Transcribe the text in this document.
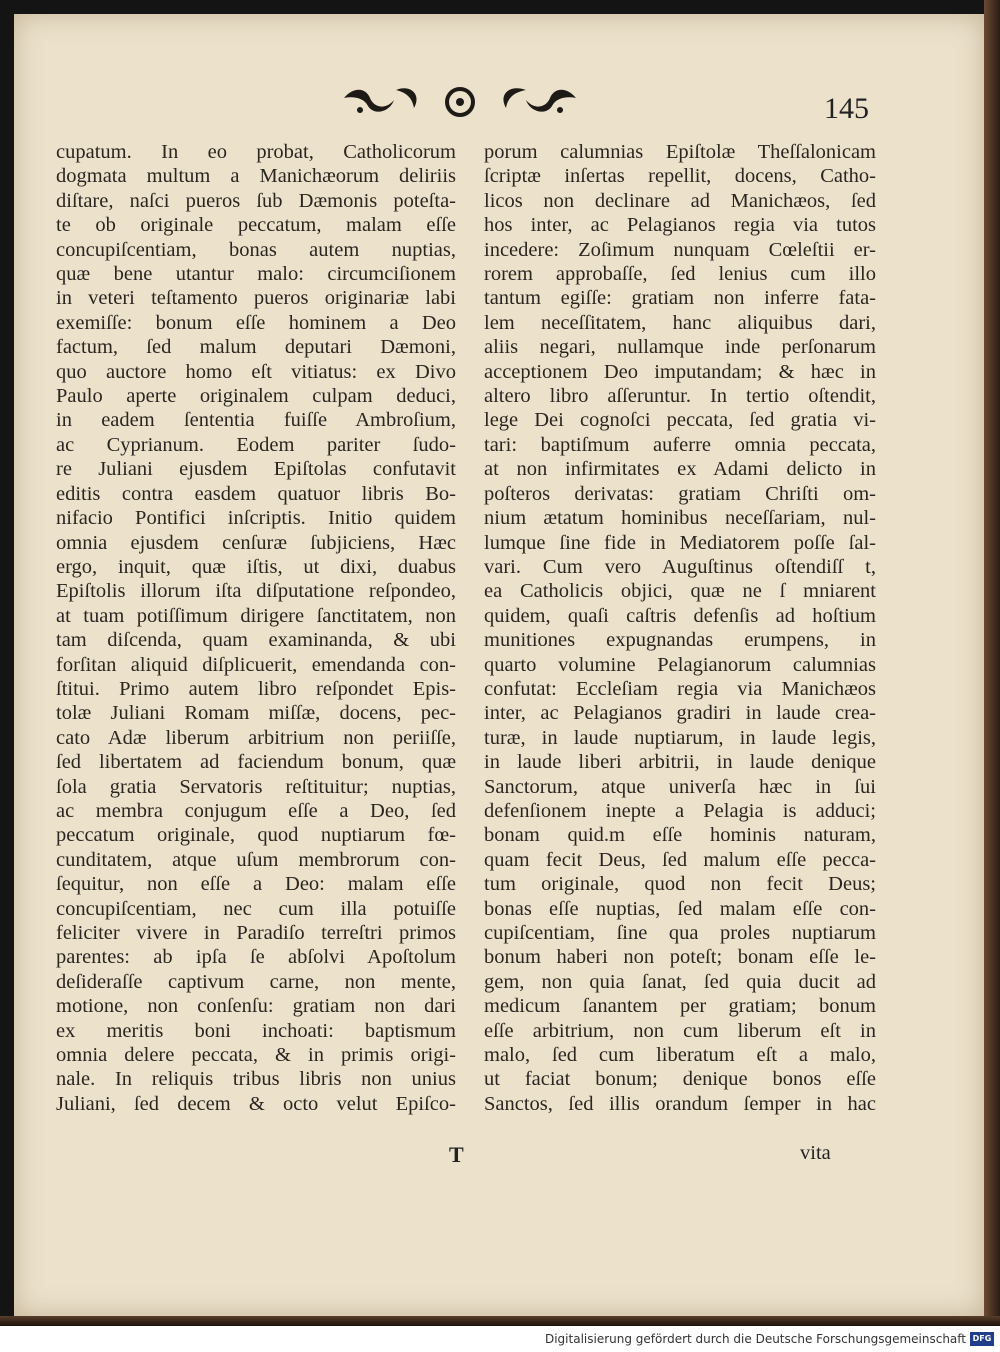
145
cupatum. In eo probat, Catholicorum
dogmata multum a Manichæorum deliriis
diſtare, naſci pueros ſub Dæmonis poteſta-
te ob originale peccatum, malam eſſe
concupiſcentiam, bonas autem nuptias,
quæ bene utantur malo: circumciſionem
in veteri teſtamento pueros originariæ labi
exemiſſe: bonum eſſe hominem a Deo
factum, ſed malum deputari Dæmoni,
quo auctore homo eſt vitiatus: ex Divo
Paulo aperte originalem culpam deduci,
in eadem ſententia fuiſſe Ambroſium,
ac Cyprianum. Eodem pariter ſudo-
re Juliani ejusdem Epiſtolas confutavit
editis contra easdem quatuor libris Bo-
nifacio Pontifici inſcriptis. Initio quidem
omnia ejusdem cenſuræ ſubjiciens, Hæc
ergo, inquit, quæ iſtis, ut dixi, duabus
Epiſtolis illorum iſta diſputatione reſpondeo,
at tuam potiſſimum dirigere ſanctitatem, non
tam diſcenda, quam examinanda, & ubi
forſitan aliquid diſplicuerit, emendanda con-
ſtitui. Primo autem libro reſpondet Epis-
tolæ Juliani Romam miſſæ, docens, pec-
cato Adæ liberum arbitrium non periiſſe,
ſed libertatem ad faciendum bonum, quæ
ſola gratia Servatoris reſtituitur; nuptias,
ac membra conjugum eſſe a Deo, ſed
peccatum originale, quod nuptiarum fœ-
cunditatem, atque uſum membrorum con-
ſequitur, non eſſe a Deo: malam eſſe
concupiſcentiam, nec cum illa potuiſſe
feliciter vivere in Paradiſo terreſtri primos
parentes: ab ipſa ſe abſolvi Apoſtolum
deſideraſſe captivum carne, non mente,
motione, non conſenſu: gratiam non dari
ex meritis boni inchoati: baptismum
omnia delere peccata, & in primis origi-
nale. In reliquis tribus libris non unius
Juliani, ſed decem & octo velut Epiſco-
porum calumnias Epiſtolæ Theſſalonicam
ſcriptæ inſertas repellit, docens, Catho-
licos non declinare ad Manichæos, ſed
hos inter, ac Pelagianos regia via tutos
incedere: Zoſimum nunquam Cœleſtii er-
rorem approbaſſe, ſed lenius cum illo
tantum egiſſe: gratiam non inferre fata-
lem neceſſitatem, hanc aliquibus dari,
aliis negari, nullamque inde perſonarum
acceptionem Deo imputandam; & hæc in
altero libro aſſeruntur. In tertio oſtendit,
lege Dei cognoſci peccata, ſed gratia vi-
tari: baptiſmum auferre omnia peccata,
at non infirmitates ex Adami delicto in
poſteros derivatas: gratiam Chriſti om-
nium ætatum hominibus neceſſariam, nul-
lumque ſine fide in Mediatorem poſſe ſal-
vari. Cum vero Auguſtinus oſtendiſſ t,
ea Catholicis objici, quæ ne ſ mniarent
quidem, quaſi caſtris defenſis ad hoſtium
munitiones expugnandas erumpens, in
quarto volumine Pelagianorum calumnias
confutat: Eccleſiam regia via Manichæos
inter, ac Pelagianos gradiri in laude crea-
turæ, in laude nuptiarum, in laude legis,
in laude liberi arbitrii, in laude denique
Sanctorum, atque univerſa hæc in ſui
defenſionem inepte a Pelagia is adduci;
bonam quid.m eſſe hominis naturam,
quam fecit Deus, ſed malum eſſe pecca-
tum originale, quod non fecit Deus;
bonas eſſe nuptias, ſed malam eſſe con-
cupiſcentiam, ſine qua proles nuptiarum
bonum haberi non poteſt; bonam eſſe le-
gem, non quia ſanat, ſed quia ducit ad
medicum ſanantem per gratiam; bonum
eſſe arbitrium, non cum liberum eſt in
malo, ſed cum liberatum eſt a malo,
ut faciat bonum; denique bonos eſſe
Sanctos, ſed illis orandum ſemper in hac
T	vita
Digitalisierung gefördert durch die Deutsche Forschungsgemeinschaft DFG
